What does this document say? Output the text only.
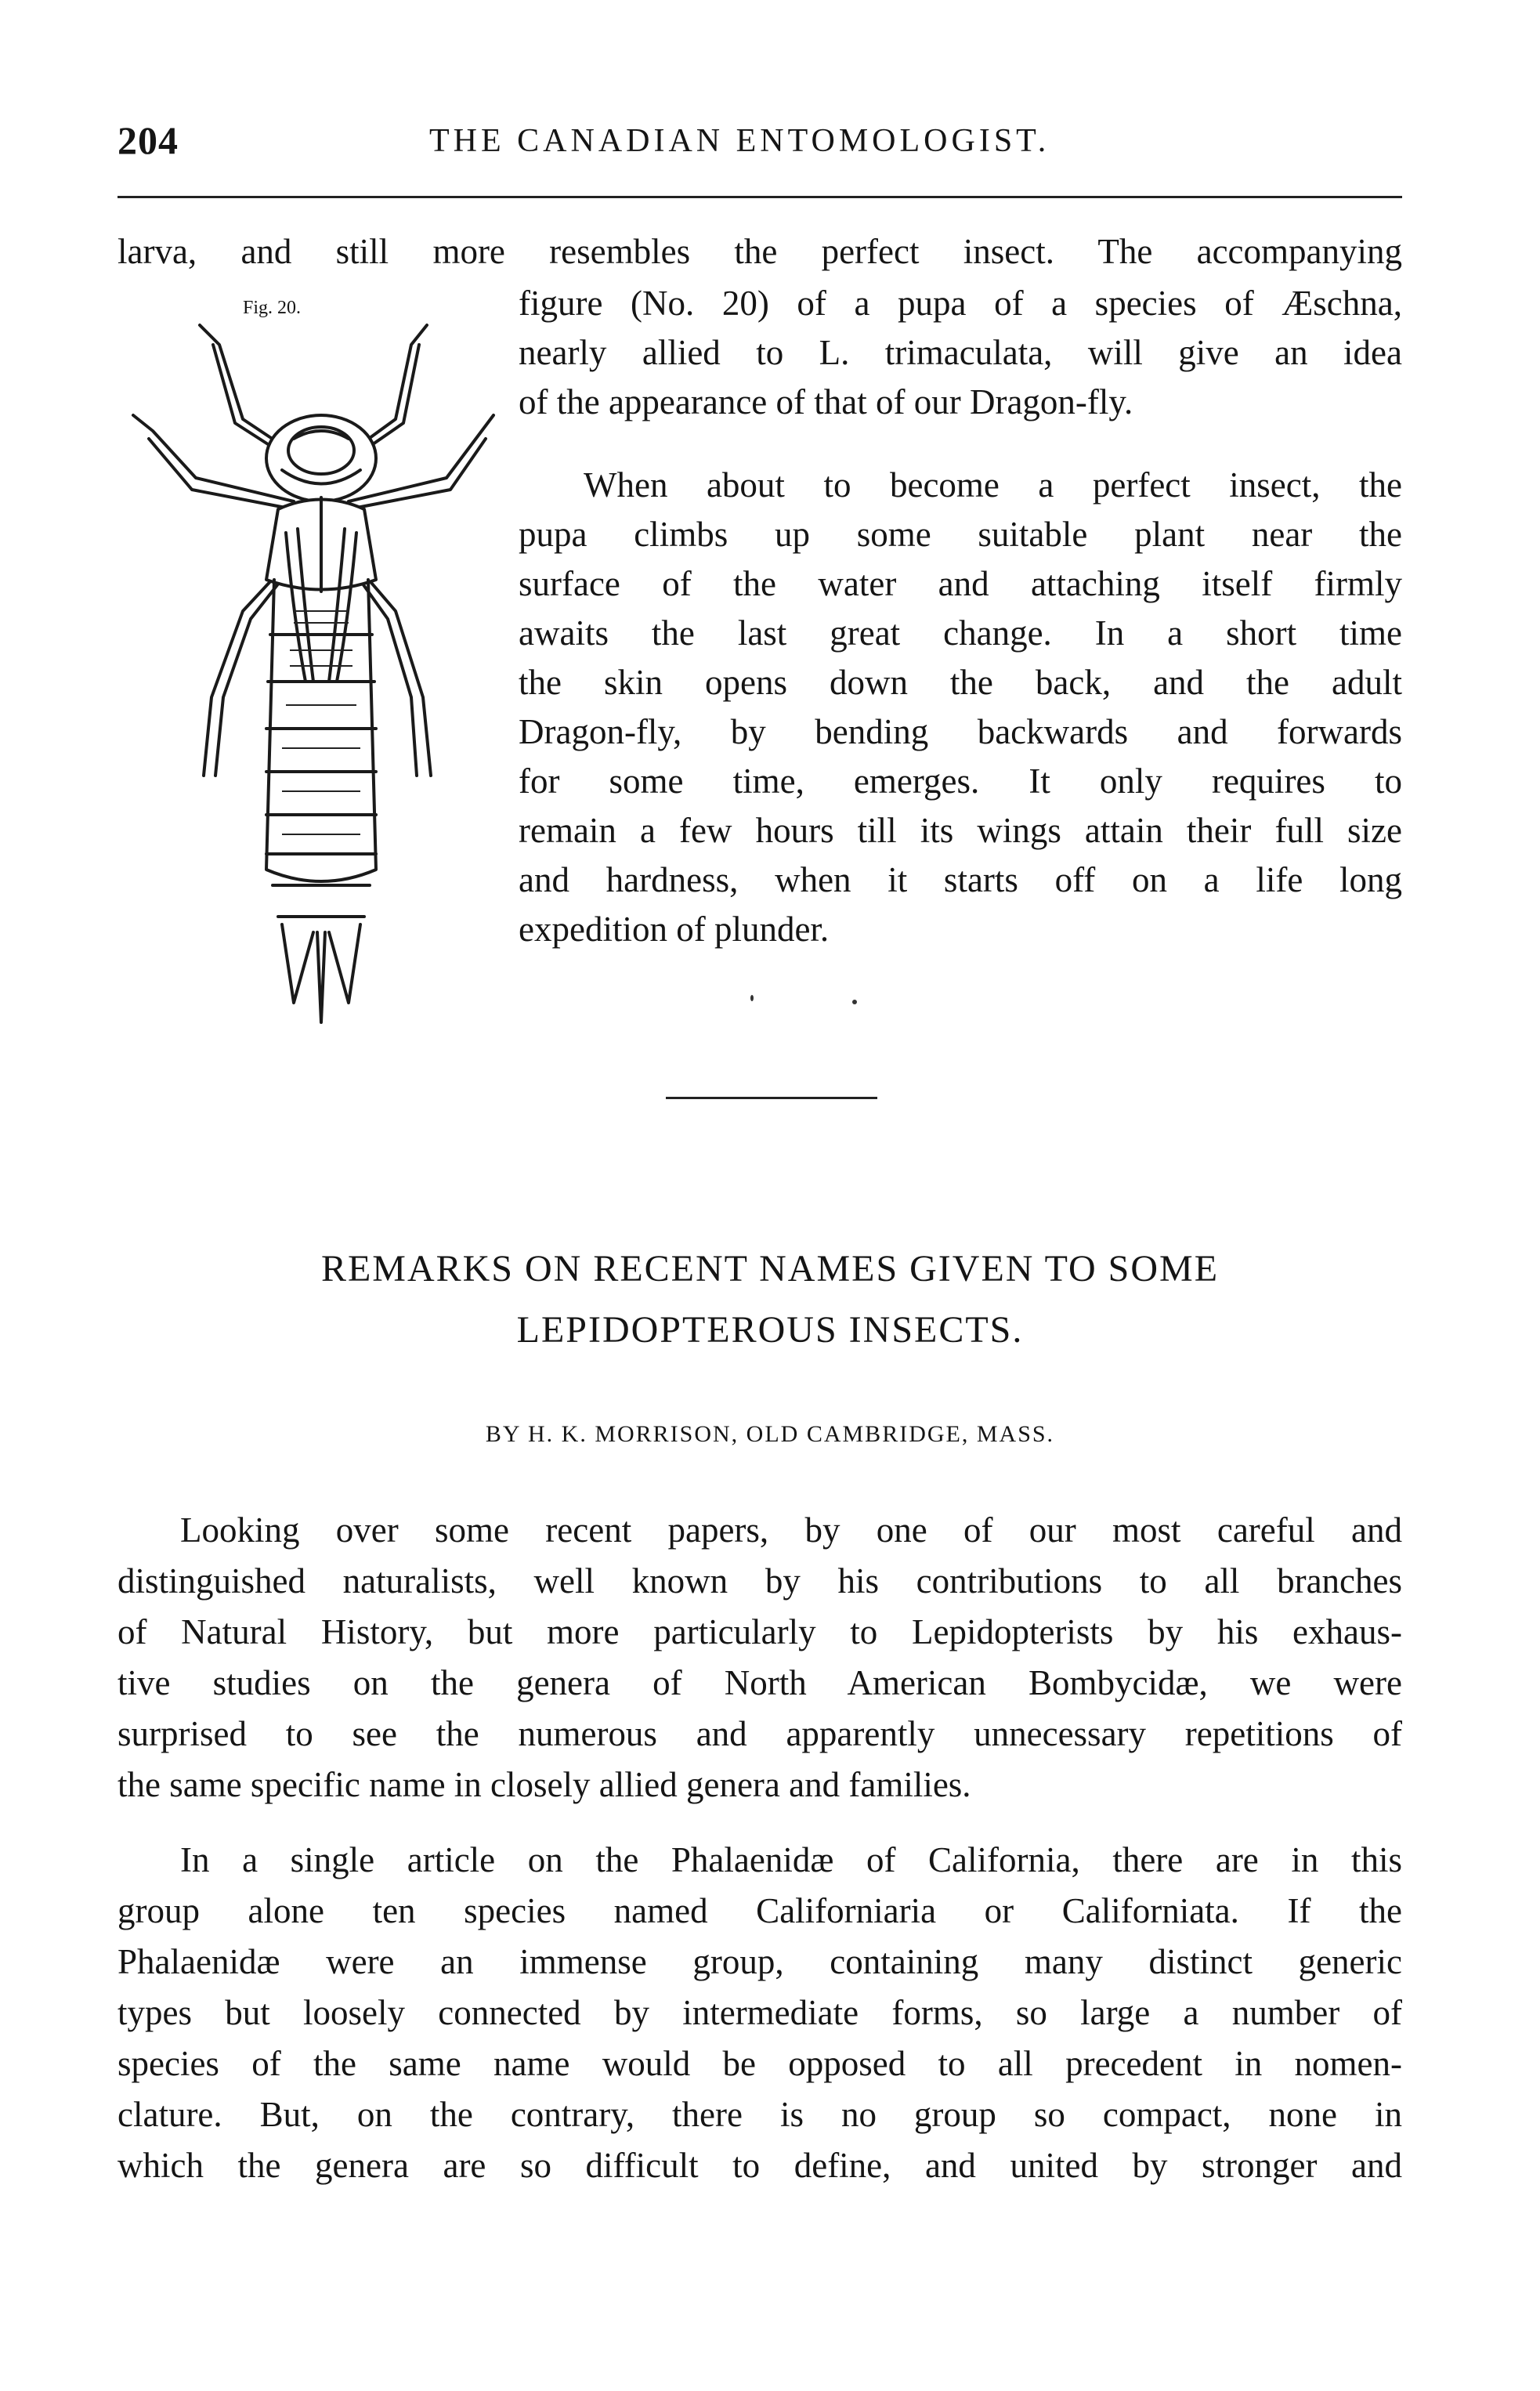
204	THE CANADIAN ENTOMOLOGIST.
larva, and still more resembles the perfect insect. The accompanying
Fig. 20.	figure (No. 20) of a pupa of a species of Æschna,
nearly allied to L. trimaculata, will give an idea
of the appearance of that of our Dragon-fly.
When about to become a perfect insect, the
pupa climbs up some suitable plant near the
surface of the water and attaching itself firmly
awaits the last great change. In a short time
the skin opens down the back, and the adult
Dragon-fly, by bending backwards and forwards
for some time, emerges. It only requires to
remain a few hours till its wings attain their full size
and hardness, when it starts off on a life long
expedition of plunder.
REMARKS ON RECENT NAMES GIVEN TO SOME
LEPIDOPTEROUS INSECTS.
BY H. K. MORRISON, OLD CAMBRIDGE, MASS.
Looking over some recent papers, by one of our most careful and
distinguished naturalists, well known by his contributions to all branches
of Natural History, but more particularly to Lepidopterists by his exhaus-
tive studies on the genera of North American Bombycidæ, we were
surprised to see the numerous and apparently unnecessary repetitions of
the same specific name in closely allied genera and families.
In a single article on the Phalaenidæ of California, there are in this
group alone ten species named Californiaria or Californiata. If the
Phalaenidæ were an immense group, containing many distinct generic
types but loosely connected by intermediate forms, so large a number of
species of the same name would be opposed to all precedent in nomen-
clature. But, on the contrary, there is no group so compact, none in
which the genera are so difficult to define, and united by stronger and
